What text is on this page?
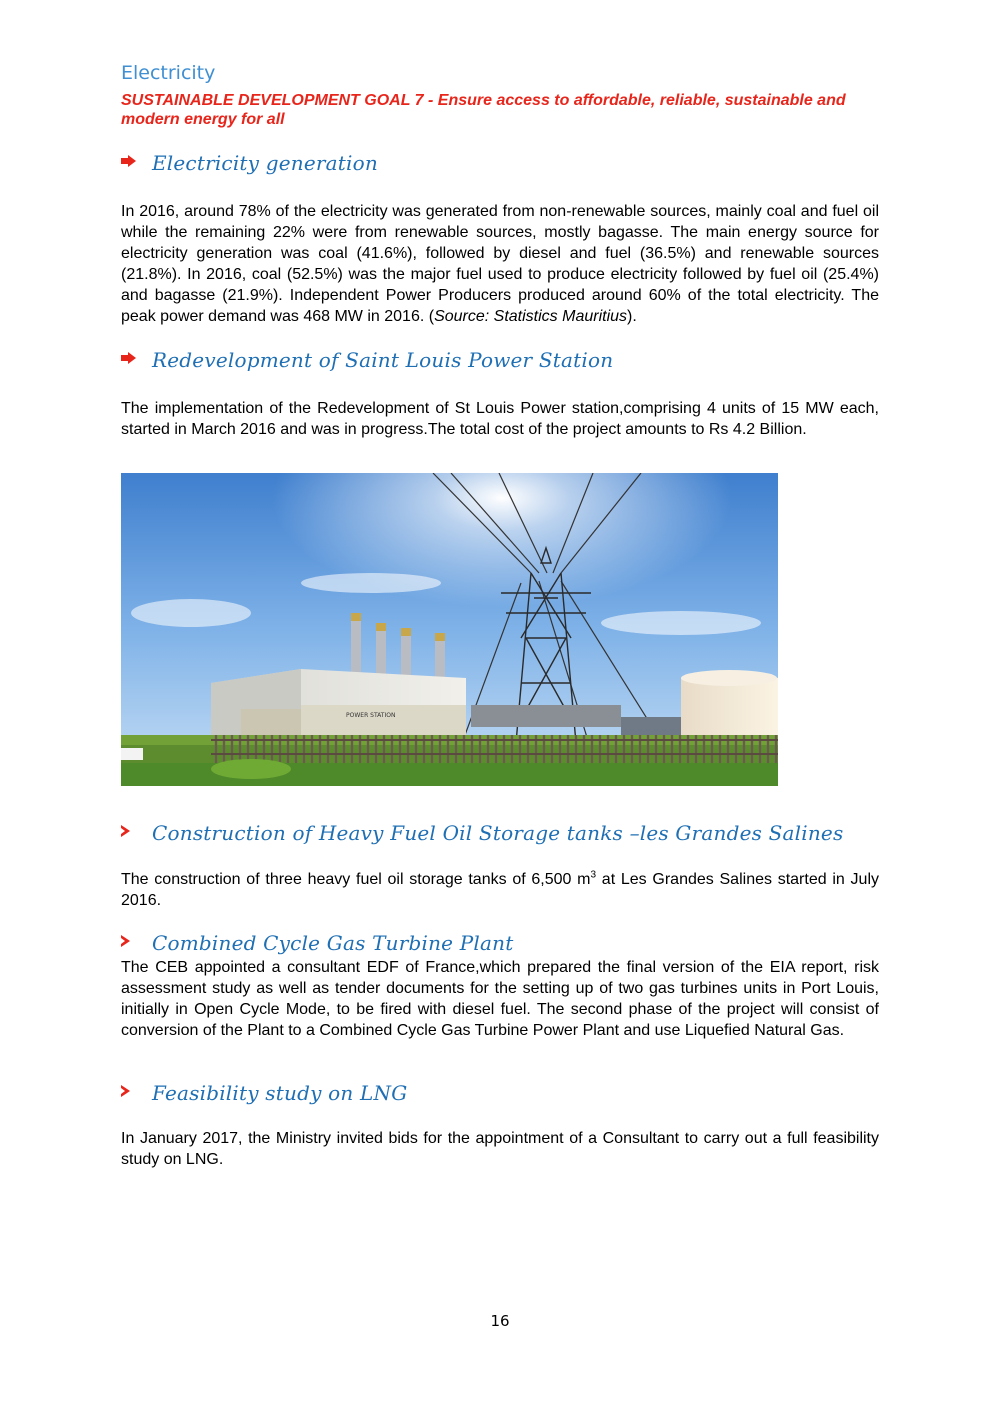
Electricity
SUSTAINABLE DEVELOPMENT GOAL 7 - Ensure access to affordable, reliable, sustainable and modern energy for all
Electricity generation

In 2016, around 78% of the electricity was generated from non-renewable sources, mainly coal and fuel oil while the remaining 22% were from renewable sources, mostly bagasse. The main energy source for electricity generation was coal (41.6%), followed by diesel and fuel (36.5%) and renewable sources (21.8%). In 2016, coal (52.5%) was the major fuel used to produce electricity followed by fuel oil (25.4%) and bagasse (21.9%). Independent Power Producers produced around 60% of the total electricity. The peak power demand was 468 MW in 2016. (Source: Statistics Mauritius).

Redevelopment of Saint Louis Power Station

The implementation of the Redevelopment of St Louis Power station,comprising 4 units of 15 MW each, started in March 2016 and was in progress.The total cost of the project amounts to Rs 4.2 Billion.

POWER STATION
Construction of Heavy Fuel Oil Storage tanks –les Grandes Salines

The construction of three heavy fuel oil storage tanks of 6,500 $m^3$ at Les Grandes Salines started in July 2016.

Combined Cycle Gas Turbine Plant

The CEB appointed a consultant EDF of France,which prepared the final version of the EIA report, risk assessment study as well as tender documents for the setting up of two gas turbines units in Port Louis, initially in Open Cycle Mode, to be fired with diesel fuel. The second phase of the project will consist of conversion of the Plant to a Combined Cycle Gas Turbine Power Plant and use Liquefied Natural Gas.

Feasibility study on LNG

In January 2017, the Ministry invited bids for the appointment of a Consultant to carry out a full feasibility study on LNG.

16
